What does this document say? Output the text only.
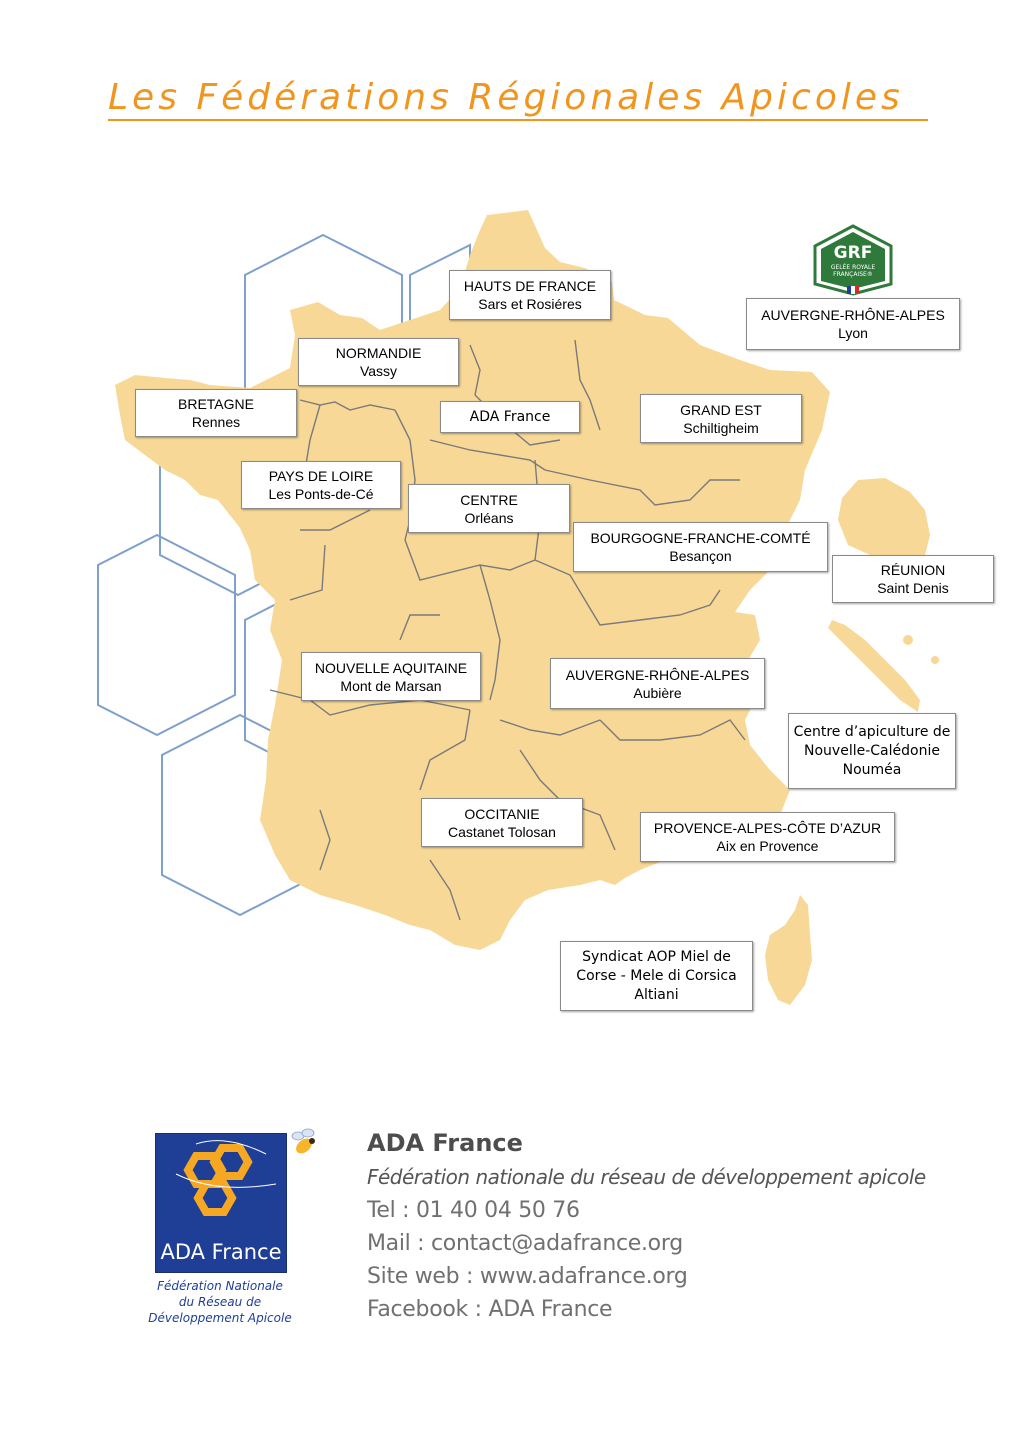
Les Fédérations Régionales Apicoles
GRF
GELÉE ROYALE
FRANÇAISE®
HAUTS DE FRANCE
Sars et Rosiéres
AUVERGNE-RHÔNE-ALPES
Lyon
NORMANDIE
Vassy
BRETAGNE
Rennes	ADA France	GRAND EST
Schiltigheim
PAYS DE LOIRE
Les Ponts-de-Cé	CENTRE
Orléans
BOURGOGNE-FRANCHE-COMTÉ
Besançon
RÉUNION
Saint Denis
NOUVELLE AQUITAINE
Mont de Marsan
AUVERGNE-RHÔNE-ALPES
Aubière
Centre d’apiculture de
Nouvelle-Calédonie
Nouméa
OCCITANIE
Castanet Tolosan	PROVENCE-ALPES-CÔTE D’AZUR
Aix en Provence
Syndicat AOP Miel de
Corse - Mele di Corsica
Altiani
ADA France
Fédération Nationale
du Réseau de
Développement Apicole
ADA France
Fédération nationale du réseau de développement apicole
Tel : 01 40 04 50 76
Mail : contact@adafrance.org
Site web : www.adafrance.org
Facebook : ADA France
